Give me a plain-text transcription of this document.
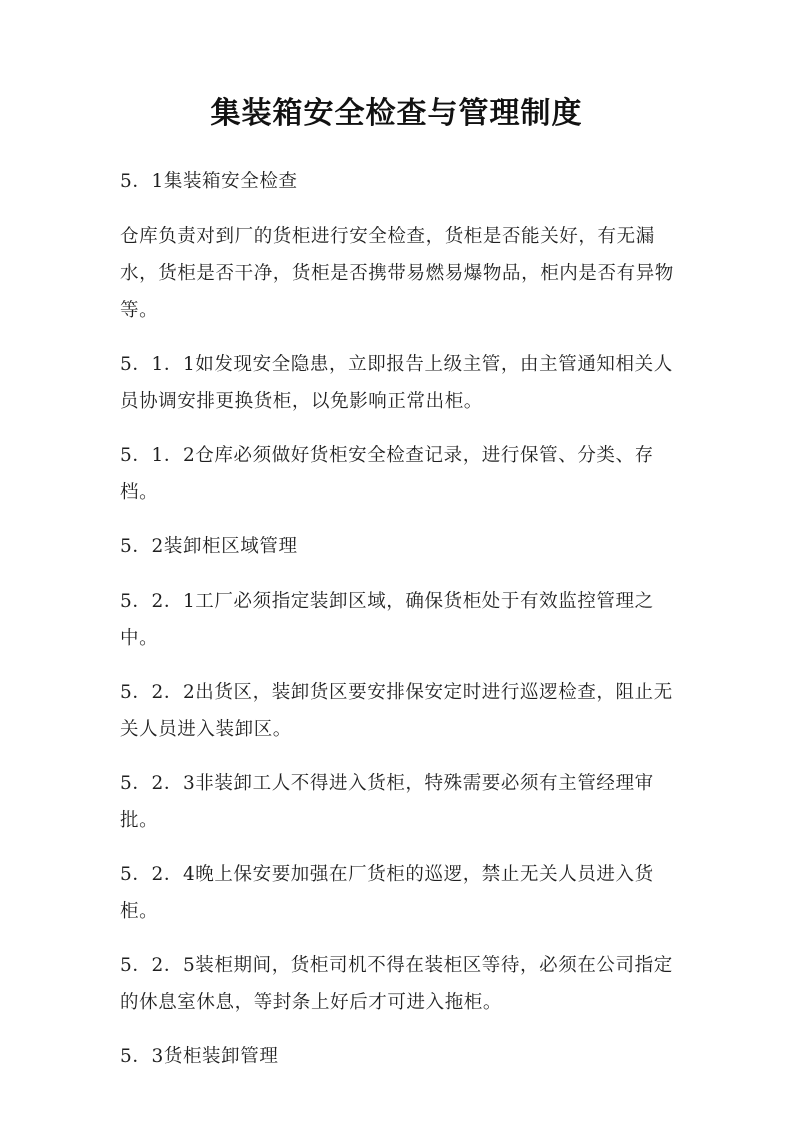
集装箱安全检查与管理制度

5．1集装箱安全检查

仓库负责对到厂的货柜进行安全检查，货柜是否能关好，有无漏水，货柜是否干净，货柜是否携带易燃易爆物品，柜内是否有异物等。

5．1．1如发现安全隐患，立即报告上级主管，由主管通知相关人员协调安排更换货柜，以免影响正常出柜。

5．1．2仓库必须做好货柜安全检查记录，进行保管、分类、存档。

5．2装卸柜区域管理

5．2．1工厂必须指定装卸区域，确保货柜处于有效监控管理之中。

5．2．2出货区，装卸货区要安排保安定时进行巡逻检查，阻止无关人员进入装卸区。

5．2．3非装卸工人不得进入货柜，特殊需要必须有主管经理审批。

5．2．4晚上保安要加强在厂货柜的巡逻，禁止无关人员进入货柜。

5．2．5装柜期间，货柜司机不得在装柜区等待，必须在公司指定的休息室休息，等封条上好后才可进入拖柜。

5．3货柜装卸管理
